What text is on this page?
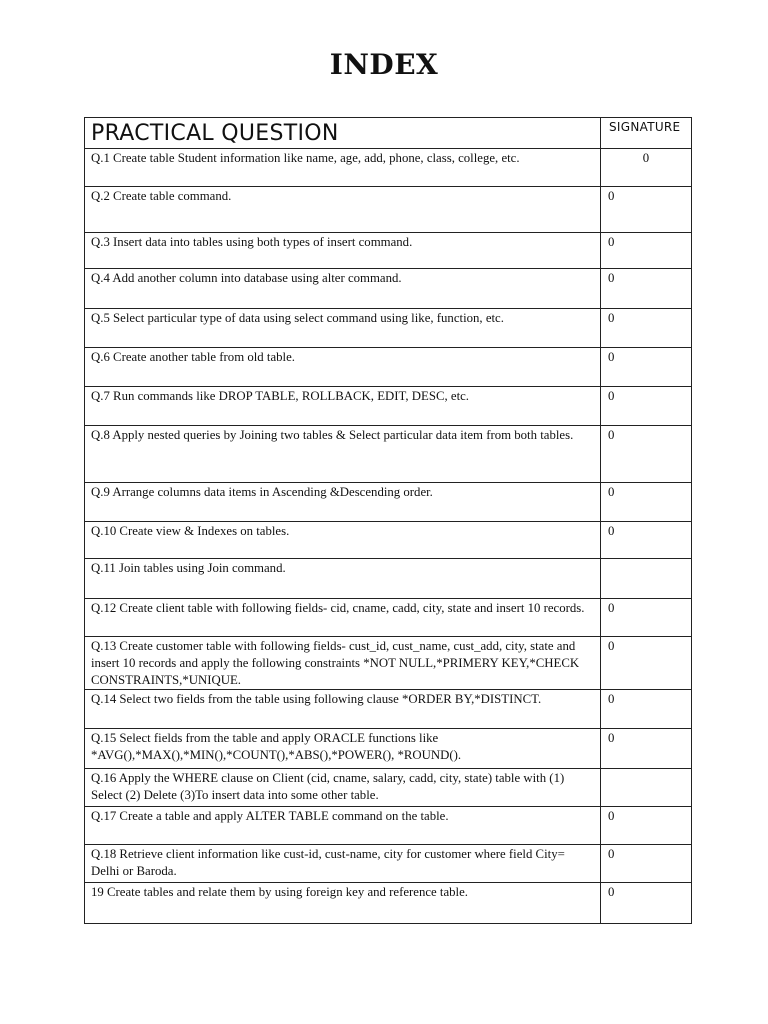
INDEX
PRACTICAL QUESTION	SIGNATURE
Q.1 Create table Student information like name, age, add, phone, class, college, etc.	0
Q.2 Create table command.	0
Q.3 Insert data into tables using both types of insert command.	0
Q.4 Add another column into database using alter command.	0
Q.5 Select particular type of data using select command using like, function, etc.	0
Q.6 Create another table from old table.	0
Q.7 Run commands like DROP TABLE, ROLLBACK, EDIT, DESC, etc.	0
Q.8 Apply nested queries by Joining two tables & Select particular data item from both tables.	0
Q.9 Arrange columns data items in Ascending &Descending order.	0
Q.10 Create view & Indexes on tables.	0
Q.11 Join tables using Join command.	
Q.12 Create client table with following fields- cid, cname, cadd, city, state and insert 10 records.	0
Q.13 Create customer table with following fields- cust_id, cust_name, cust_add, city, state and insert 10 records and apply the following constraints *NOT NULL,*PRIMERY KEY,*CHECK CONSTRAINTS,*UNIQUE.	0
Q.14 Select two fields from the table using following clause *ORDER BY,*DISTINCT.	0
Q.15 Select fields from the table and apply ORACLE functions like *AVG(),*MAX(),*MIN(),*COUNT(),*ABS(),*POWER(), *ROUND().	0
Q.16 Apply the WHERE clause on Client (cid, cname, salary, cadd, city, state) table with (1) Select (2) Delete (3)To insert data into some other table.	
Q.17 Create a table and apply ALTER TABLE command on the table.	0
Q.18 Retrieve client information like cust-id, cust-name, city for customer where field City= Delhi or Baroda.	0
19 Create tables and relate them by using foreign key and reference table.	0
